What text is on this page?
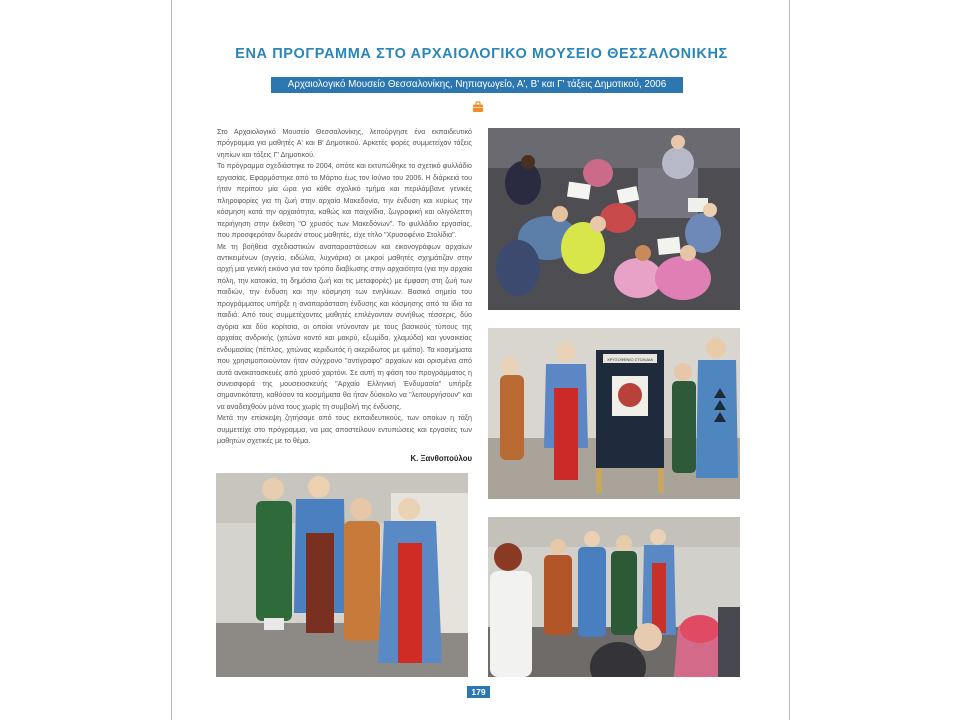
ΕΝΑ ΠΡΟΓΡΑΜΜΑ ΣΤΟ ΑΡΧΑΙΟΛΟΓΙΚΟ ΜΟΥΣΕΙΟ ΘΕΣΣΑΛΟΝΙΚΗΣ
Αρχαιολογικό Μουσείο Θεσσαλονίκης, Νηπιαγωγείο, Α', Β' και Γ' τάξεις Δημοτικού, 2006

Στο Αρχαιολογικό Μουσείο Θεσσαλονίκης, λειτούργησε ένα εκπαιδευτικό πρόγραμμα για μαθητές Α' και Β' Δημοτικού. Αρκετές φορές συμμετείχαν τάξεις νηπίων και τάξεις Γ' Δημοτικού.

Το πρόγραμμα σχεδιάστηκε το 2004, οπότε και εκτυπώθηκε το σχετικό φυλλάδιο εργασίας. Εφαρμόστηκε από το Μάρτιο έως τον Ιούνιο του 2006. Η διάρκειά του ήταν περίπου μία ώρα για κάθε σχολικό τμήμα και περιλάμβανε γενικές πληροφορίες για τη ζωή στην αρχαία Μακεδονία, την ένδυση και κυρίως την κόσμηση κατά την αρχαιότητα, καθώς και παιχνίδια, ζωγραφική και ολιγόλεπτη περιήγηση στην έκθεση "Ο χρυσός των Μακεδόνων". Το φυλλάδιο εργασίας, που προσφερόταν δωρεάν στους μαθητές, είχε τίτλο "Χρυσοφένιο Στολίδια".

Με τη βοήθεια σχεδιαστικών αναπαραστάσεων και εικονογράφων αρχαίων αντικειμένων (αγγεία, ειδώλια, λυχνάρια) οι μικροί μαθητές σχημάτιζαν στην αρχή μια γενική εικόνα για τον τρόπο διαβίωσης στην αρχαιότητα (για την αρχαία πόλη, την κατοικία, τη δημόσια ζωή και τις μεταφορές) με έμφαση στη ζωή των παιδιών, την ένδυση και την κόσμηση των ενηλίκων. Βασικό σημείο του προγράμματος υπήρξε η αναπαράσταση ένδυσης και κόσμησης από τα ίδια τα παιδιά. Από τους συμμετέχοντες μαθητές επιλέγονταν συνήθως τέσσερις, δύο αγόρια και δύο κορίτσια, οι οποίοι ντύνονταν με τους βασικούς τύπους της αρχαίας ανδρικής (χιτώνα κοντό και μακρύ, εξωμίδα, χλαμύδα) και γυναικείας ενδυμασίας (πέπλος, χιτώνας κεριδωτός ή ακεριδωτος με ιμάτιο). Τα κοσμήματα που χρησιμοποιούνταν ήταν σύγχρονο "αντίγραφο" αρχαίων και ορισμένα από αυτά ανακατασκευές από χρυσό χαρτόνι. Σε αυτή τη φάση του προγράμματος η συνεισφορά της μουσειοσκευής "Αρχαίο Ελληνική Ένδυμασία" υπήρξε σημαντικότατη, καθόσον τα κοσμήματα θα ήταν δύσκολο να "λειτουργήσουν" και να αναδειχθούν μόνα τους χωρίς τη συμβολή της ένδυσης.

Μετά την επίσκεψη ζητήσαμε από τους εκπαιδευτικούς, των οποίων η τάξη συμμετείχε στο πρόγραμμα, να μας αποστείλουν εντυπώσεις και εργασίες των μαθητών σχετικές με το θέμα.

Κ. Ξανθοπούλου
ΧΡΥΣΟΦΕΝΙΟ ΣΤΟΛΙΔΙΑ
179
